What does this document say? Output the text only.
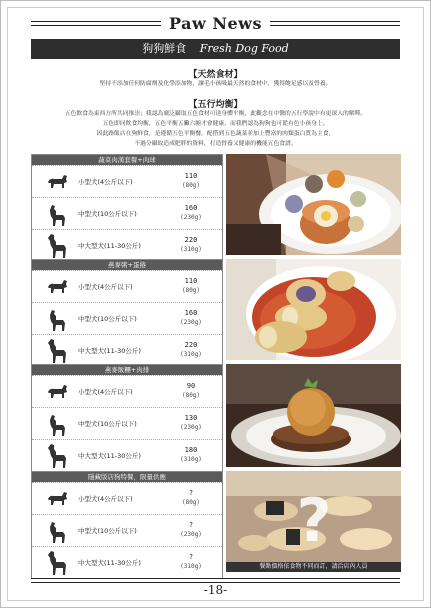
Paw News
狗狗鮮食 Fresh Dog Food
【天然食材】
堅持不添加任何防腐劑及化學添加物，讓毛小孩吸最天然的食材中，獲得飽足感以及營養。
【五行均衡】
五色飲食為東西方所共同推崇；我認為廣泛攝取五色食材可達身體平衡，此觀念在中醫的五行學說中有更深入的解釋。
五色即同飲食均衡，五色平衡五臟六腑才會健康，而我們認為狗狗也可從有色小孩身上。
因此路飯店在狗鮮食，是遵循五色平衡餐，配搭到五色蔬菜並加上豐富的肉類蛋白質為主食，
不過分攝取造成肥胖的資料，打造營養又健康的機能五色食譜。
蔬菜肉漢套餐+肉球
小型犬(4公斤以下)
110
(80g)
中型犬(10公斤以下)
160
(230g)
中大型犬(11-30公斤)
220
(310g)
燕麥粥+蛋捲
小型犬(4公斤以下)
110
(80g)
中型犬(10公斤以下)
160
(230g)
中大型犬(11-30公斤)
220
(310g)
燕麥飯糰+肉排
小型犬(4公斤以下)
90
(80g)
中型犬(10公斤以下)
130
(230g)
中大型犬(11-30公斤)
180
(310g)
隱藏版店狗特餐，限量供應
小型犬(4公斤以下)
?
(80g)
中型犬(10公斤以下)
?
(230g)
中大型犬(11-30公斤)
?
(310g)
?
餐點價格依食物不同而訂，請洽店內人員
-18-
